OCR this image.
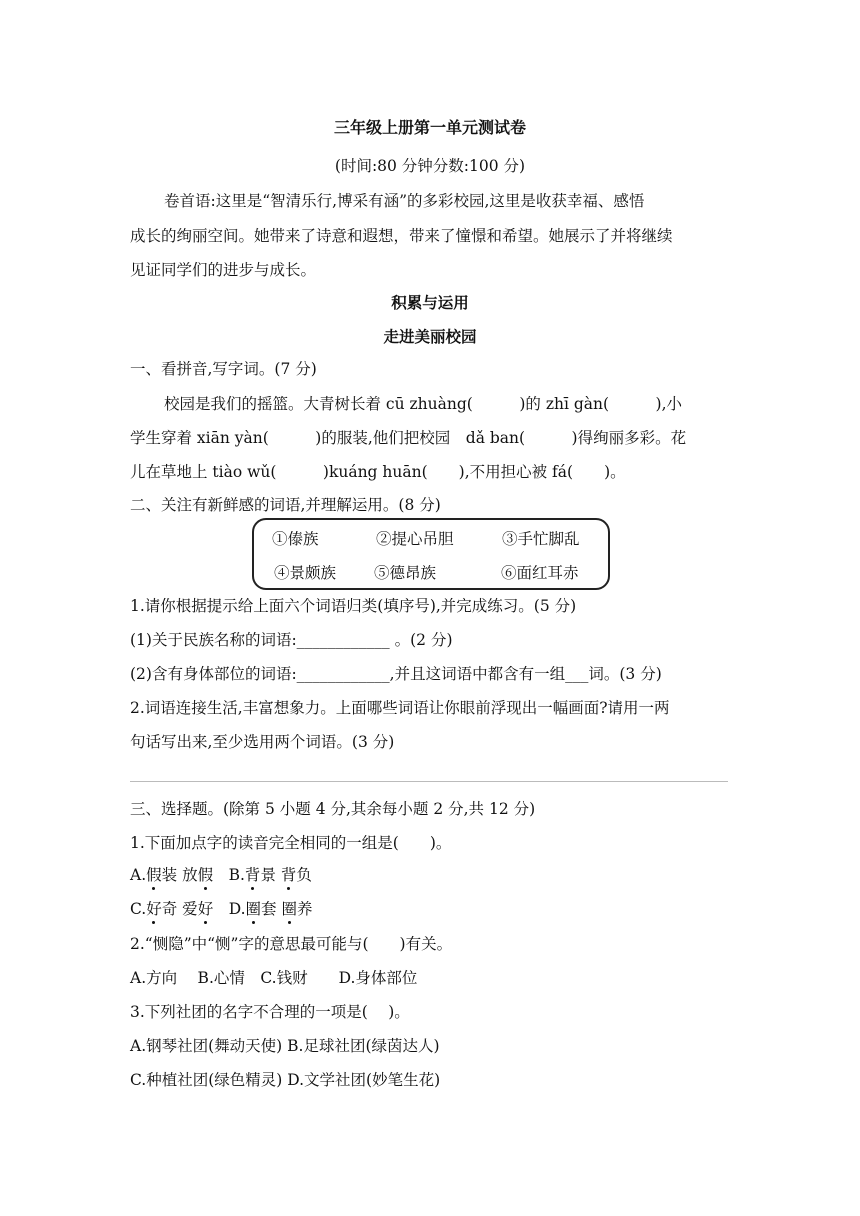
三年级上册第一单元测试卷
(时间:80 分钟分数:100 分)
卷首语:这里是“智清乐行,博采有涵”的多彩校园,这里是收获幸福、感悟
成长的绚丽空间。她带来了诗意和遐想，带来了憧憬和希望。她展示了并将继续
见证同学们的进步与成长。
积累与运用
走进美丽校园
一、看拼音,写字词。(7 分)
校园是我们的摇篮。大青树长着 cū zhuàng(　　　)的 zhī gàn(　　　),小
学生穿着 xiān yàn(　　　)的服装,他们把校园　dǎ ban(　　　)得绚丽多彩。花
儿在草地上 tiào wǔ(　　　)kuáng huān(　　),不用担心被 fá(　　)。
二、关注有新鲜感的词语,并理解运用。(8 分)
①傣族	②提心吊胆	③手忙脚乱
④景颇族 ⑤德昂族	⑥面红耳赤
1.请你根据提示给上面六个词语归类(填序号),并完成练习。(5 分)
(1)关于民族名称的词语:____________ 。(2 分)
(2)含有身体部位的词语:____________,并且这词语中都含有一组___词。(3 分)
2.词语连接生活,丰富想象力。上面哪些词语让你眼前浮现出一幅画面?请用一两
句话写出来,至少选用两个词语。(3 分)
三、选择题。(除第 5 小题 4 分,其余每小题 2 分,共 12 分)
1.下面加点字的读音完全相同的一组是(　　)。
A.假装 放假　B.背景 背负
C.好奇 爱好　D.圈套 圈养
2.“恻隐”中“恻”字的意思最可能与(　　)有关。
A.方向　 B.心情　C.钱财　　D.身体部位
3.下列社团的名字不合理的一项是(　 )。
A.钢琴社团(舞动天使) B.足球社团(绿茵达人)
C.种植社团(绿色精灵) D.文学社团(妙笔生花)
